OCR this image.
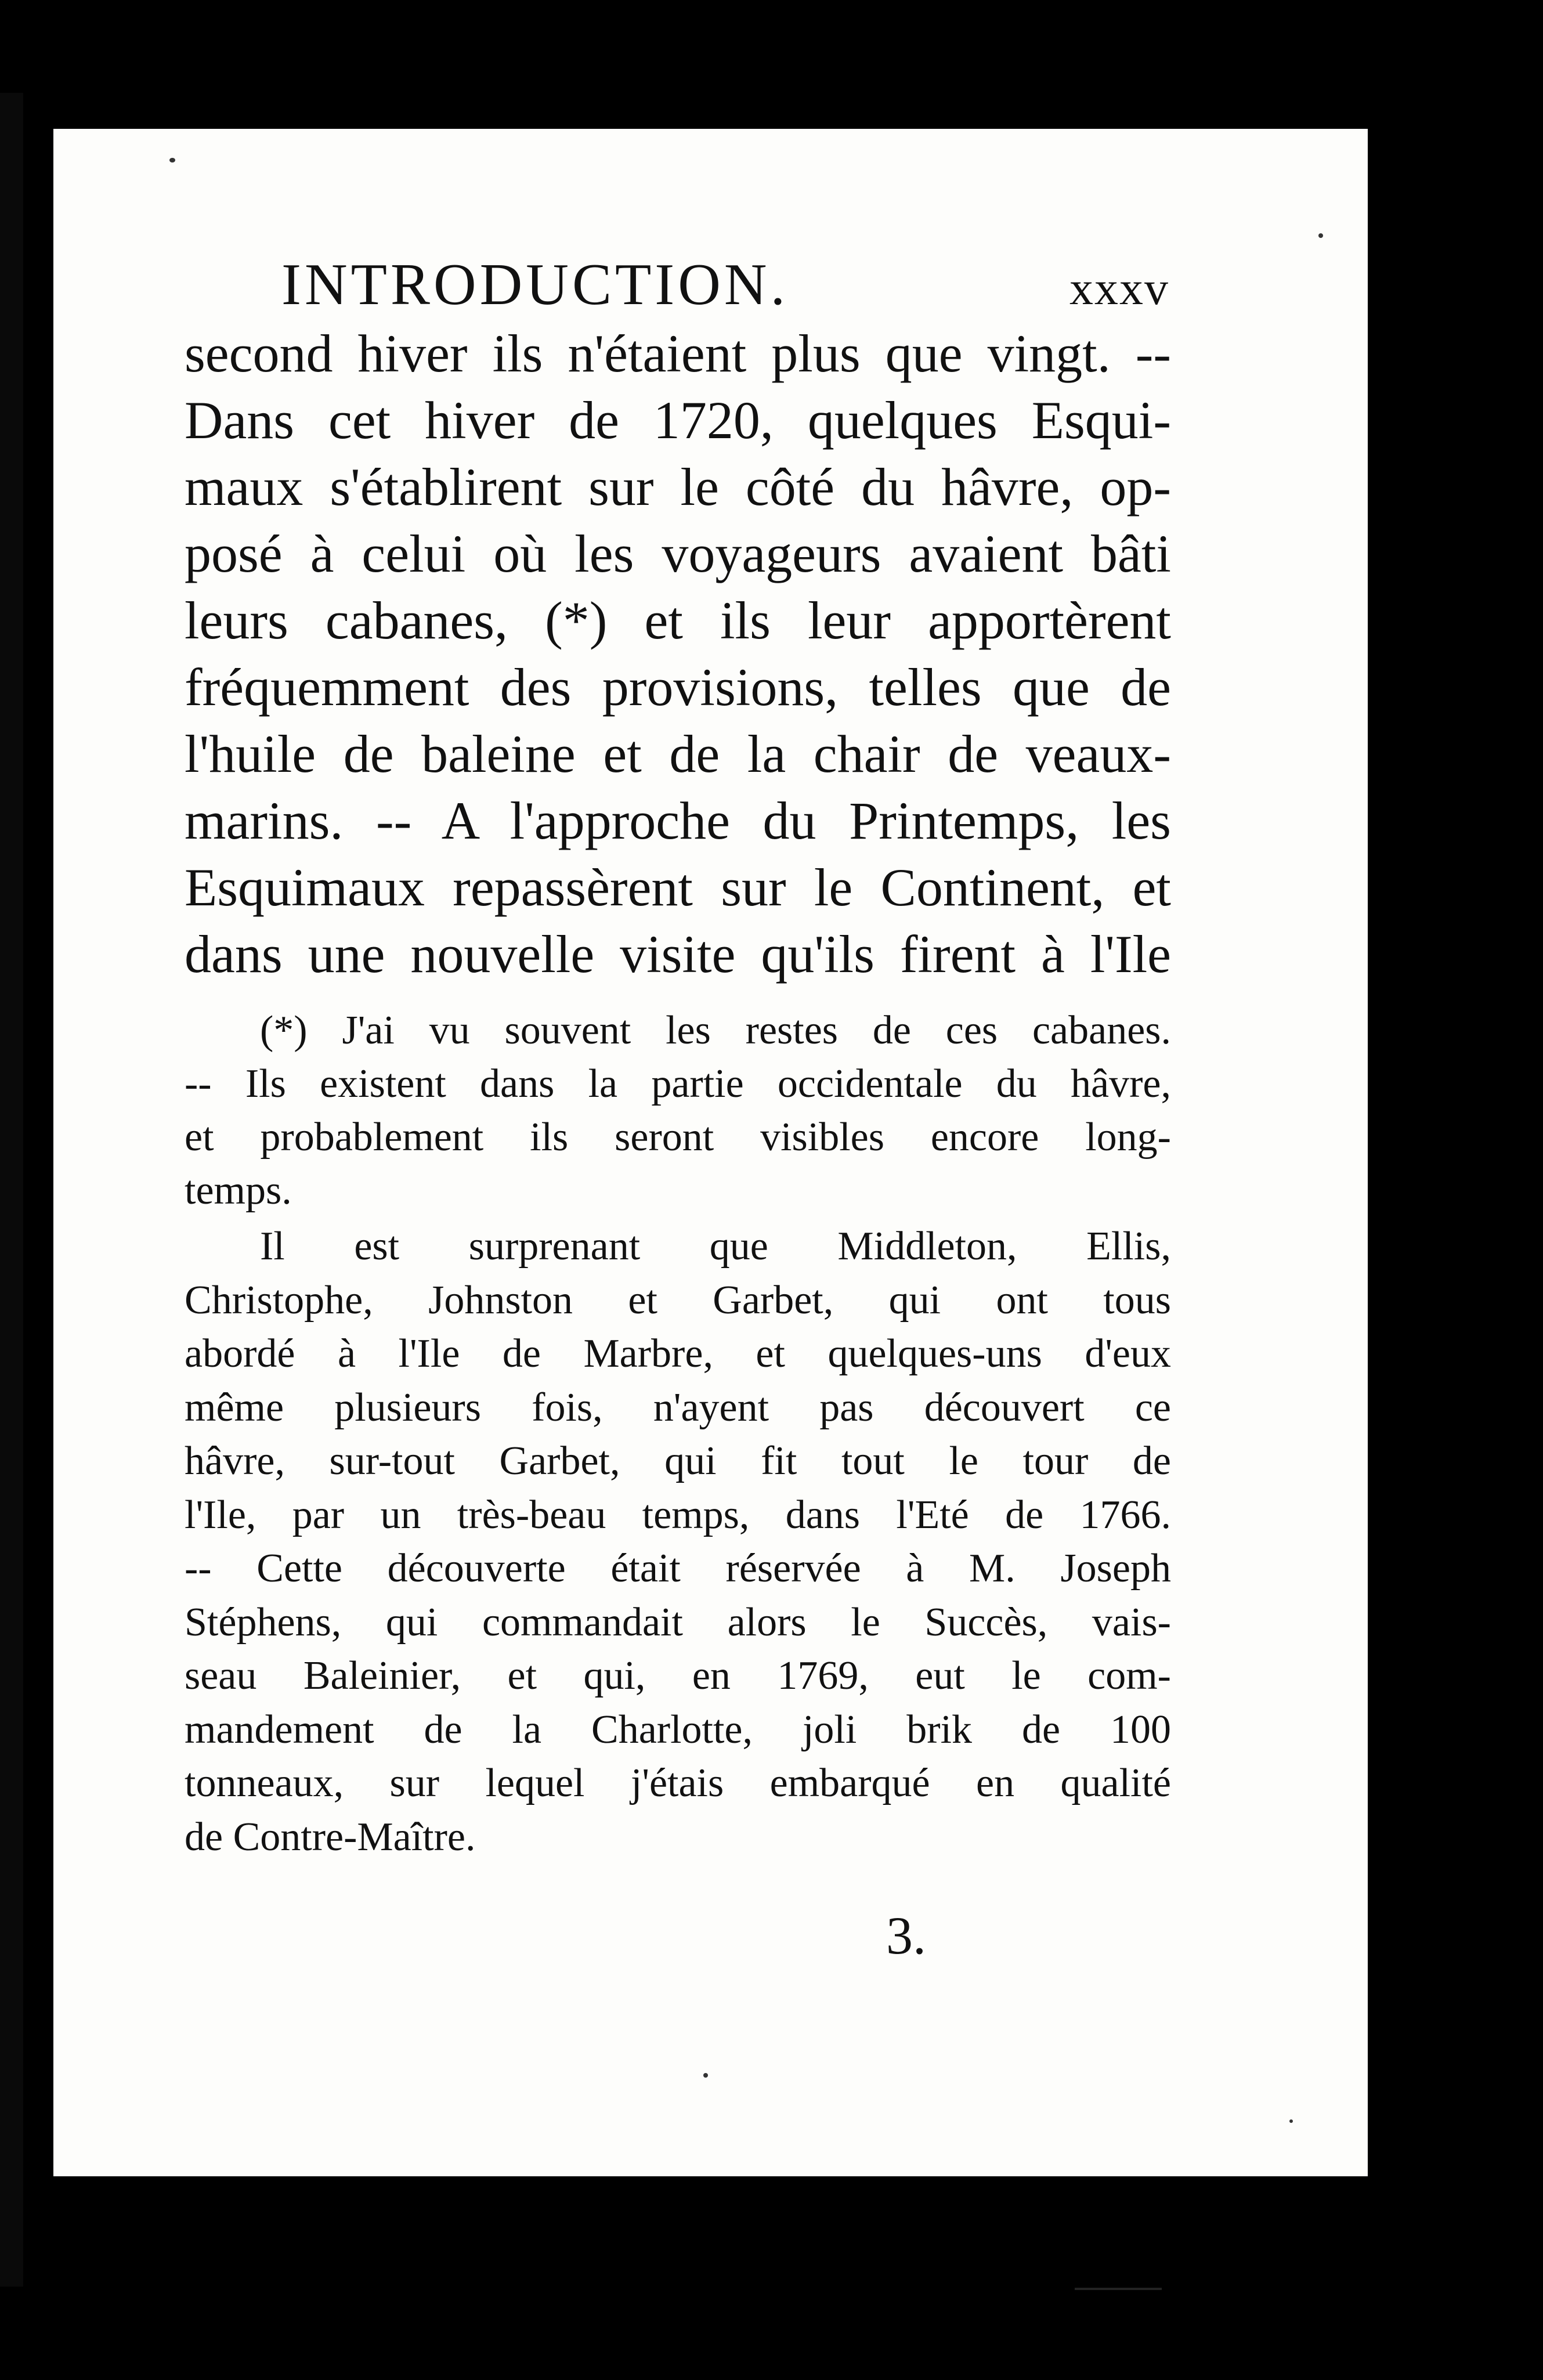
INTRODUCTION.	xxxv

second hiver ils n'étaient plus que vingt. --

Dans cet hiver de 1720, quelques Esqui-

maux s'établirent sur le côté du hâvre, op-

posé à celui où les voyageurs avaient bâti

leurs cabanes, (*) et ils leur apportèrent

fréquemment des provisions, telles que de

l'huile de baleine et de la chair de veaux-

marins. -- A l'approche du Printemps, les

Esquimaux repassèrent sur le Continent, et

dans une nouvelle visite qu'ils firent à l'Ile

(*) J'ai vu souvent les restes de ces cabanes.

-- Ils existent dans la partie occidentale du hâvre,

et probablement ils seront visibles encore long-

temps.

Il est surprenant que Middleton, Ellis,

Christophe, Johnston et Garbet, qui ont tous

abordé à l'Ile de Marbre, et quelques-uns d'eux

même plusieurs fois, n'ayent pas découvert ce

hâvre, sur-tout Garbet, qui fit tout le tour de

l'Ile, par un très-beau temps, dans l'Eté de 1766.

-- Cette découverte était réservée à M. Joseph

Stéphens, qui commandait alors le Succès, vais-

seau Baleinier, et qui, en 1769, eut le com-

mandement de la Charlotte, joli brik de 100

tonneaux, sur lequel j'étais embarqué en qualité

de Contre-Maître.

3.
